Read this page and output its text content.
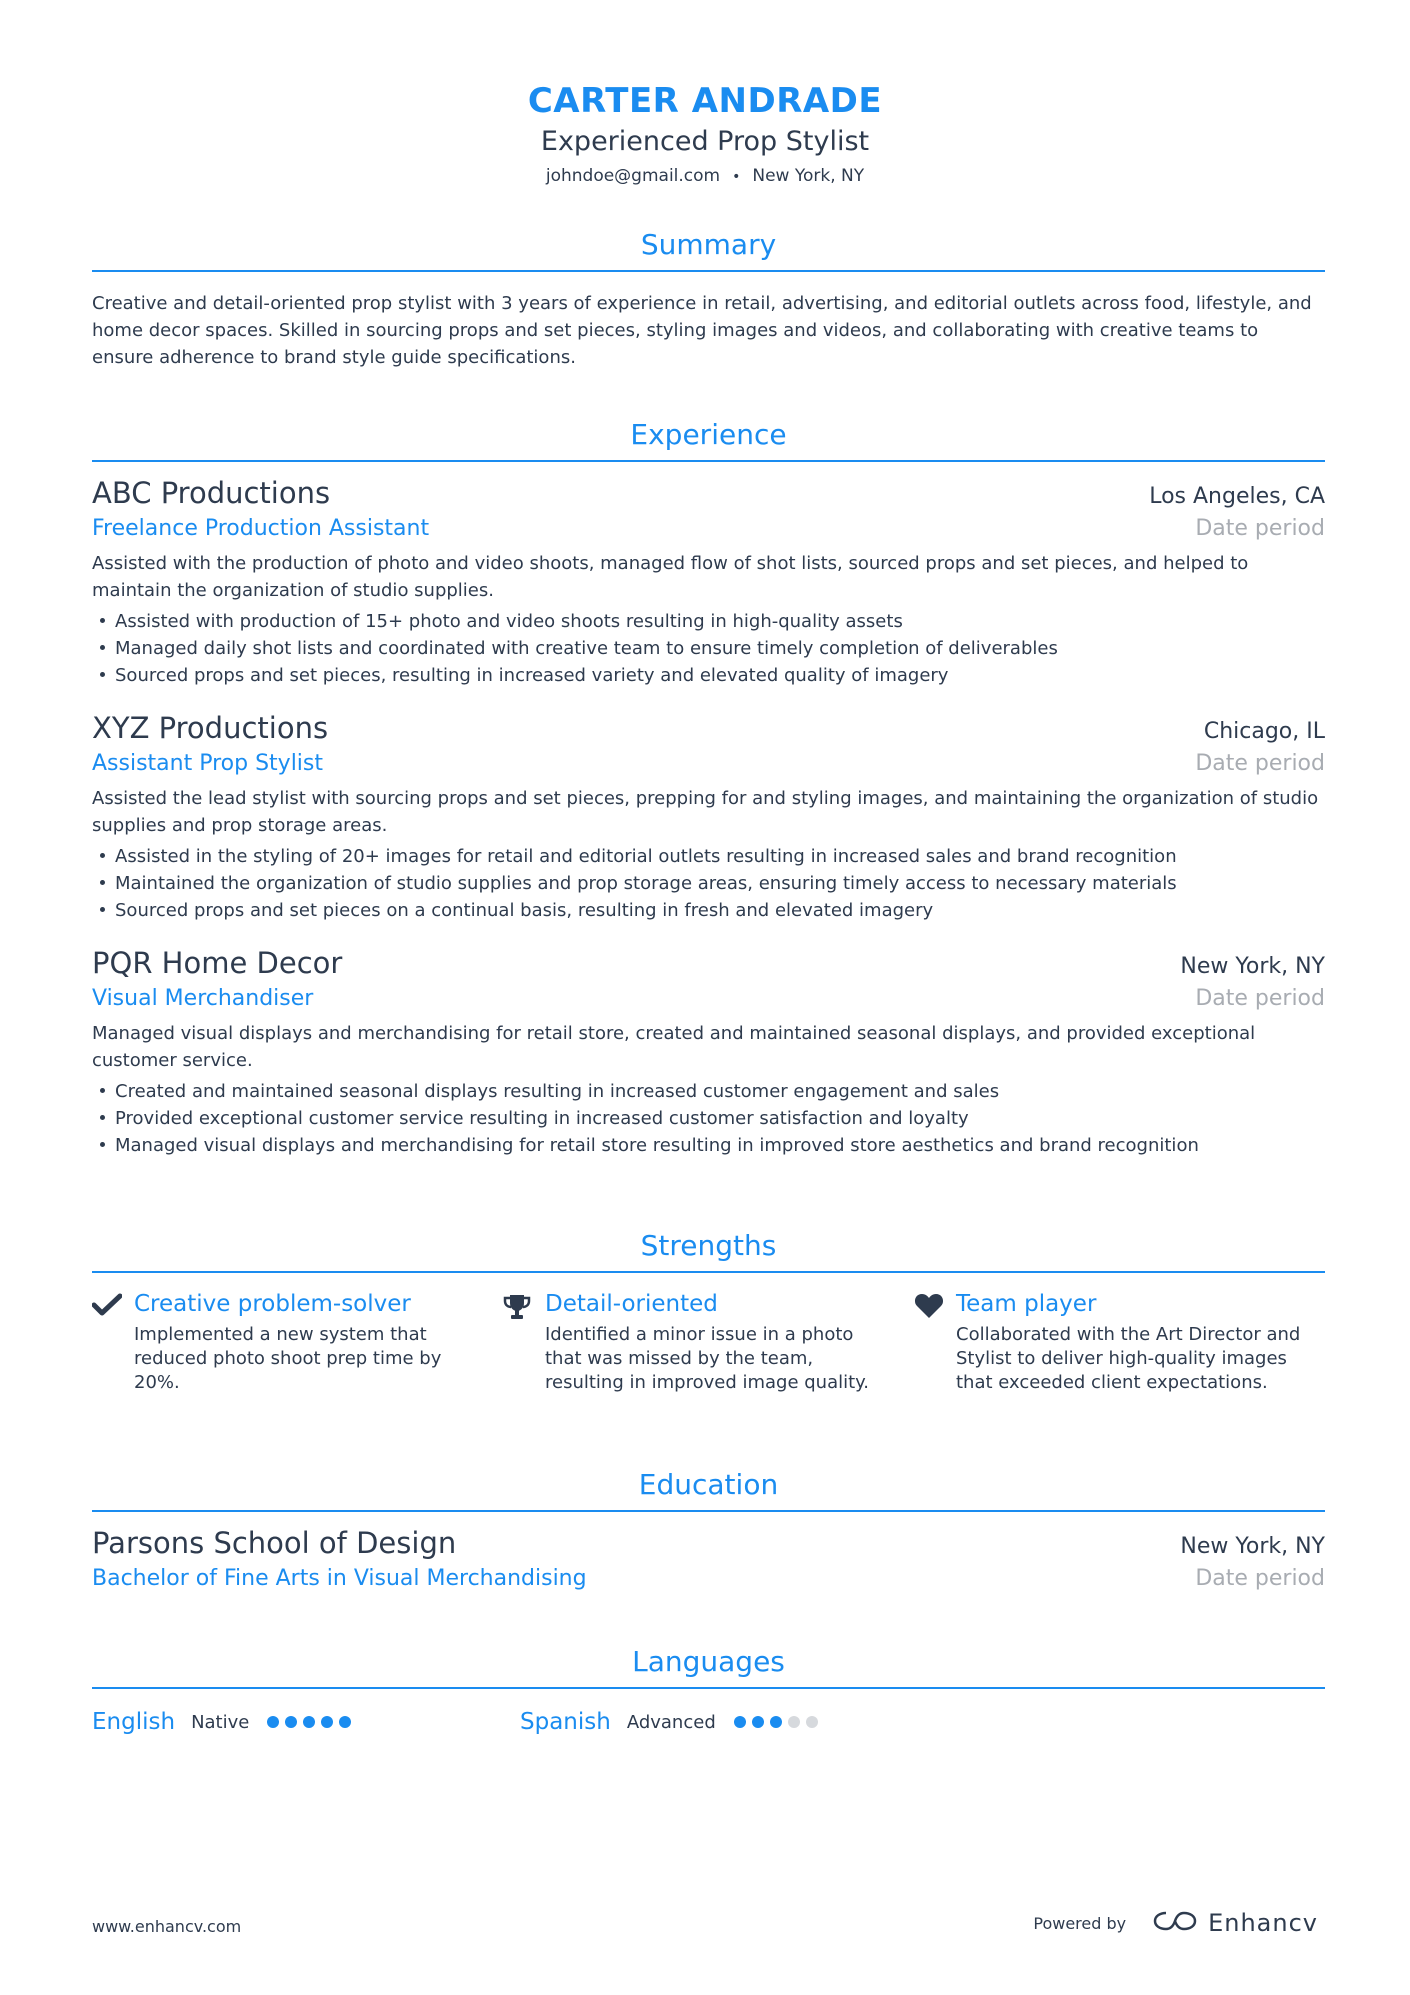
CARTER ANDRADE
Experienced Prop Stylist
johndoe@gmail.com • New York, NY
Summary
Creative and detail-oriented prop stylist with 3 years of experience in retail, advertising, and editorial outlets across food, lifestyle, and home decor spaces. Skilled in sourcing props and set pieces, styling images and videos, and collaborating with creative teams to ensure adherence to brand style guide specifications.
Experience
ABC Productions	Los Angeles, CA
Freelance Production Assistant	Date period
Assisted with the production of photo and video shoots, managed flow of shot lists, sourced props and set pieces, and helped to maintain the organization of studio supplies.
Assisted with production of 15+ photo and video shoots resulting in high-quality assets
Managed daily shot lists and coordinated with creative team to ensure timely completion of deliverables
Sourced props and set pieces, resulting in increased variety and elevated quality of imagery
XYZ Productions	Chicago, IL
Assistant Prop Stylist	Date period
Assisted the lead stylist with sourcing props and set pieces, prepping for and styling images, and maintaining the organization of studio supplies and prop storage areas.
Assisted in the styling of 20+ images for retail and editorial outlets resulting in increased sales and brand recognition
Maintained the organization of studio supplies and prop storage areas, ensuring timely access to necessary materials
Sourced props and set pieces on a continual basis, resulting in fresh and elevated imagery
PQR Home Decor	New York, NY
Visual Merchandiser	Date period
Managed visual displays and merchandising for retail store, created and maintained seasonal displays, and provided exceptional customer service.
Created and maintained seasonal displays resulting in increased customer engagement and sales
Provided exceptional customer service resulting in increased customer satisfaction and loyalty
Managed visual displays and merchandising for retail store resulting in improved store aesthetics and brand recognition
Strengths
Creative problem-solver
Implemented a new system that reduced photo shoot prep time by 20%.
Detail-oriented
Identified a minor issue in a photo that was missed by the team, resulting in improved image quality.
Team player
Collaborated with the Art Director and Stylist to deliver high-quality images that exceeded client expectations.
Education
Parsons School of Design	New York, NY
Bachelor of Fine Arts in Visual Merchandising	Date period
Languages
English Native	Spanish Advanced
www.enhancv.com	Powered by	Enhancv
